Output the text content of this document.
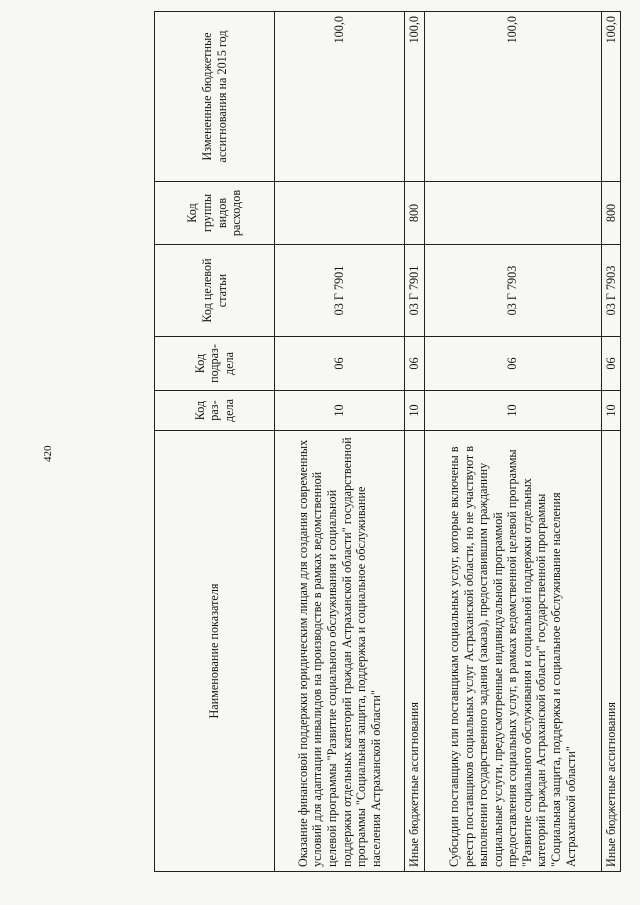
420
Наименование показателя	Код раз-дела	Код подраз-дела	Код целевой статьи	Код группы видов расходов	Измененные бюджетные ассигнования на 2015 год
Оказание финансовой поддержки юридическим лицам для создания современных условий для адаптации инвалидов на производстве в рамках ведомственной целевой программы "Развитие социального обслуживания и социальной поддержки отдельных категорий граждан Астраханской области" государственной программы "Социальная защита, поддержка и социальное обслуживание населения Астраханской области"	10	06	03 Г 7901		100,0
Иные бюджетные ассигнования	10	06	03 Г 7901	800	100,0
Субсидии поставщику или поставщикам социальных услуг, которые включены в реестр поставщиков социальных услуг Астраханской области, но не участвуют в выполнении государственного задания (заказа), предоставившим гражданину социальные услуги, предусмотренные индивидуальной программой предоставления социальных услуг, в рамках ведомственной целевой программы "Развитие социального обслуживания и социальной поддержки отдельных категорий граждан Астраханской области" государственной программы "Социальная защита, поддержка и социальное обслуживание населения Астраханской области"	10	06	03 Г 7903		100,0
Иные бюджетные ассигнования	10	06	03 Г 7903	800	100,0
